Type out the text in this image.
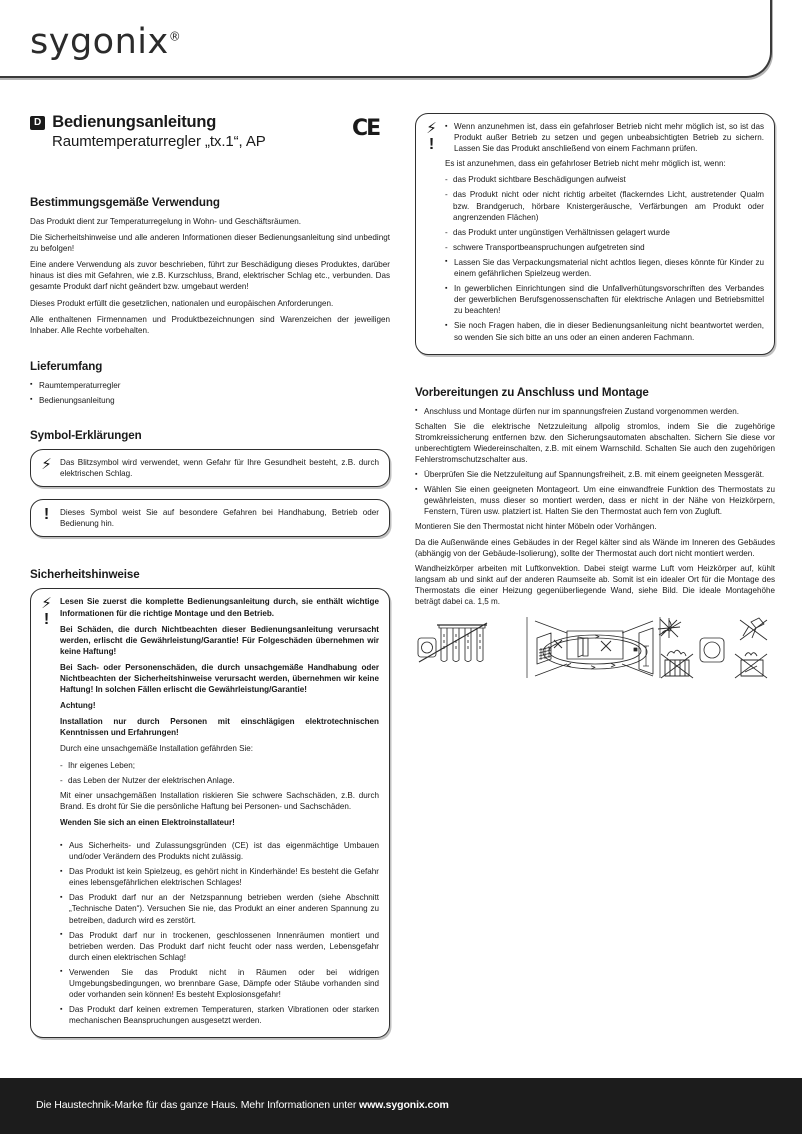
sygonix®
D Bedienungsanleitung
Raumtemperaturregler „tx.1“, AP
CE
Bestimmungsgemäße Verwendung

Das Produkt dient zur Temperaturregelung in Wohn- und Geschäftsräumen.

Die Sicherheitshinweise und alle anderen Informationen dieser Bedienungsanleitung sind unbedingt zu befolgen!

Eine andere Verwendung als zuvor beschrieben, führt zur Beschädigung dieses Produktes, darüber hinaus ist dies mit Gefahren, wie z.B. Kurzschluss, Brand, elektrischer Schlag etc., verbunden. Das gesamte Produkt darf nicht geändert bzw. umgebaut werden!

Dieses Produkt erfüllt die gesetzlichen, nationalen und europäischen Anforderungen.

Alle enthaltenen Firmennamen und Produktbezeichnungen sind Warenzeichen der jeweiligen Inhaber. Alle Rechte vorbehalten.

Lieferumfang
▪ Raumtemperaturregler
▪ Bedienungsanleitung
Symbol-Erklärungen
⚡︎ Das Blitzsymbol wird verwendet, wenn Gefahr für Ihre Gesundheit besteht, z.B. durch elektrischen Schlag.

! Dieses Symbol weist Sie auf besondere Gefahren bei Handhabung, Betrieb oder Bedienung hin.

Sicherheitshinweise
⚡︎
!

Lesen Sie zuerst die komplette Bedienungsanleitung durch, sie enthält wichtige Informationen für die richtige Montage und den Betrieb.

Bei Schäden, die durch Nichtbeachten dieser Bedienungsanleitung verursacht werden, erlischt die Gewährleistung/Garantie! Für Folgeschäden übernehmen wir keine Haftung!

Bei Sach- oder Personenschäden, die durch unsachgemäße Handhabung oder Nichtbeachten der Sicherheitshinweise verursacht werden, übernehmen wir keine Haftung! In solchen Fällen erlischt die Gewährleistung/Garantie!

Achtung!

Installation nur durch Personen mit einschlägigen elektrotechnischen Kenntnissen und Erfahrungen!

Durch eine unsachgemäße Installation gefährden Sie:

- Ihr eigenes Leben;
- das Leben der Nutzer der elektrischen Anlage.

Mit einer unsachgemäßen Installation riskieren Sie schwere Sachschäden, z.B. durch Brand. Es droht für Sie die persönliche Haftung bei Personen- und Sachschäden.

Wenden Sie sich an einen Elektroinstallateur!

▪ Aus Sicherheits- und Zulassungsgründen (CE) ist das eigenmächtige Umbauen und/oder Verändern des Produkts nicht zulässig.
▪ Das Produkt ist kein Spielzeug, es gehört nicht in Kinderhände! Es besteht die Gefahr eines lebensgefährlichen elektrischen Schlages!
▪ Das Produkt darf nur an der Netzspannung betrieben werden (siehe Abschnitt „Technische Daten“). Versuchen Sie nie, das Produkt an einer anderen Spannung zu betreiben, dadurch wird es zerstört.
▪ Das Produkt darf nur in trockenen, geschlossenen Innenräumen montiert und betrieben werden. Das Produkt darf nicht feucht oder nass werden, Lebensgefahr durch einen elektrischen Schlag!
▪ Verwenden Sie das Produkt nicht in Räumen oder bei widrigen Umgebungsbedingungen, wo brennbare Gase, Dämpfe oder Stäube vorhanden sind oder vorhanden sein können! Es besteht Explosionsgefahr!
▪ Das Produkt darf keinen extremen Temperaturen, starken Vibrationen oder starken mechanischen Beanspruchungen ausgesetzt werden.
⚡︎
!
▪ Wenn anzunehmen ist, dass ein gefahrloser Betrieb nicht mehr möglich ist, so ist das Produkt außer Betrieb zu setzen und gegen unbeabsichtigten Betrieb zu sichern. Lassen Sie das Produkt anschließend von einem Fachmann prüfen.

Es ist anzunehmen, dass ein gefahrloser Betrieb nicht mehr möglich ist, wenn:

- das Produkt sichtbare Beschädigungen aufweist
- das Produkt nicht oder nicht richtig arbeitet (flackerndes Licht, austretender Qualm bzw. Brandgeruch, hörbare Knistergeräusche, Verfärbungen am Produkt oder angrenzenden Flächen)
- das Produkt unter ungünstigen Verhältnissen gelagert wurde
- schwere Transportbeanspruchungen aufgetreten sind
▪ Lassen Sie das Verpackungsmaterial nicht achtlos liegen, dieses könnte für Kinder zu einem gefährlichen Spielzeug werden.
▪ In gewerblichen Einrichtungen sind die Unfallverhütungsvorschriften des Verbandes der gewerblichen Berufsgenossenschaften für elektrische Anlagen und Betriebsmittel zu beachten!
▪ Sie noch Fragen haben, die in dieser Bedienungsanleitung nicht beantwortet werden, so wenden Sie sich bitte an uns oder an einen anderen Fachmann.
Vorbereitungen zu Anschluss und Montage
▪ Anschluss und Montage dürfen nur im spannungsfreien Zustand vorgenommen werden.
Schalten Sie die elektrische Netzzuleitung allpolig stromlos, indem Sie die zugehörige Stromkreissicherung entfernen bzw. den Sicherungsautomaten abschalten. Sichern Sie diese vor unberechtigtem Wiedereinschalten, z.B. mit einem Warnschild. Schalten Sie auch den zugehörigen Fehlerstromschutzschalter aus.
▪ Überprüfen Sie die Netzzuleitung auf Spannungsfreiheit, z.B. mit einem geeigneten Messgerät.
▪ Wählen Sie einen geeigneten Montageort. Um eine einwandfreie Funktion des Thermostats zu gewährleisten, muss dieser so montiert werden, dass er nicht in der Nähe von Heizkörpern, Fenstern, Türen usw. platziert ist. Halten Sie den Thermostat auch fern von Zugluft.
Montieren Sie den Thermostat nicht hinter Möbeln oder Vorhängen.
Da die Außenwände eines Gebäudes in der Regel kälter sind als Wände im Inneren des Gebäudes (abhängig von der Gebäude-Isolierung), sollte der Thermostat auch dort nicht montiert werden.
Wandheizkörper arbeiten mit Luftkonvektion. Dabei steigt warme Luft vom Heizkörper auf, kühlt langsam ab und sinkt auf der anderen Raumseite ab. Somit ist ein idealer Ort für die Montage des Thermostats die einer Heizung gegenüberliegende Wand, siehe Bild. Die ideale Montagehöhe beträgt dabei ca. 1,5 m.
Die Haustechnik-Marke für das ganze Haus. Mehr Informationen unter www.sygonix.com
